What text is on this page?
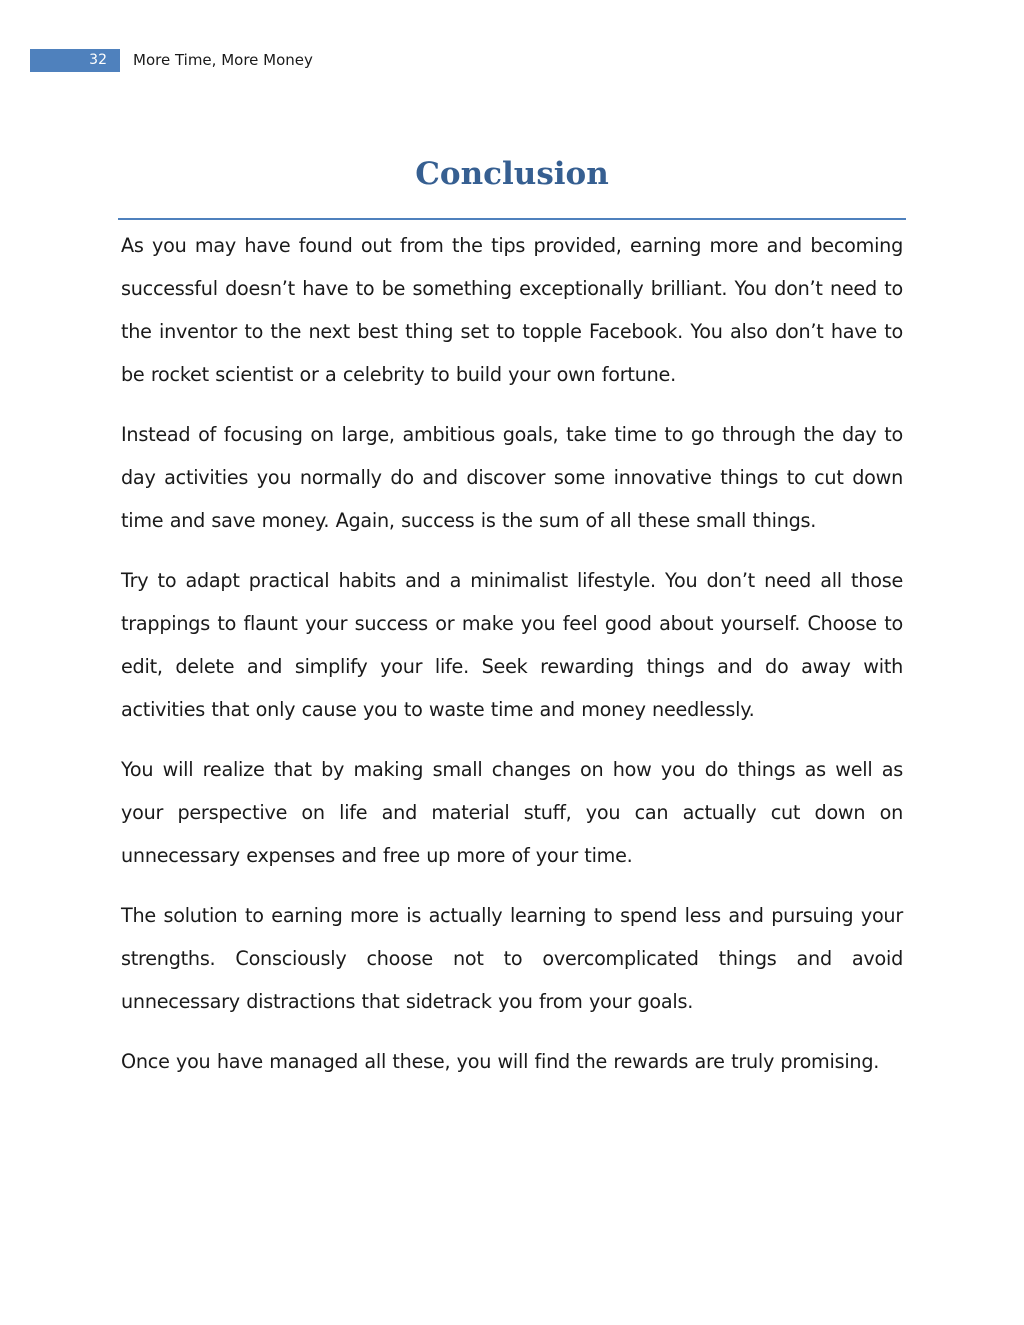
32	More Time, More Money
Conclusion

As you may have found out from the tips provided, earning more and becoming successful doesn’t have to be something exceptionally brilliant. You don’t need to the inventor to the next best thing set to topple Facebook. You also don’t have to be rocket scientist or a celebrity to build your own fortune.

Instead of focusing on large, ambitious goals, take time to go through the day to day activities you normally do and discover some innovative things to cut down time and save money. Again, success is the sum of all these small things.

Try to adapt practical habits and a minimalist lifestyle. You don’t need all those trappings to flaunt your success or make you feel good about yourself. Choose to edit, delete and simplify your life. Seek rewarding things and do away with activities that only cause you to waste time and money needlessly.

You will realize that by making small changes on how you do things as well as your perspective on life and material stuff, you can actually cut down on unnecessary expenses and free up more of your time.

The solution to earning more is actually learning to spend less and pursuing your strengths. Consciously choose not to overcomplicated things and avoid unnecessary distractions that sidetrack you from your goals.

Once you have managed all these, you will find the rewards are truly promising.
